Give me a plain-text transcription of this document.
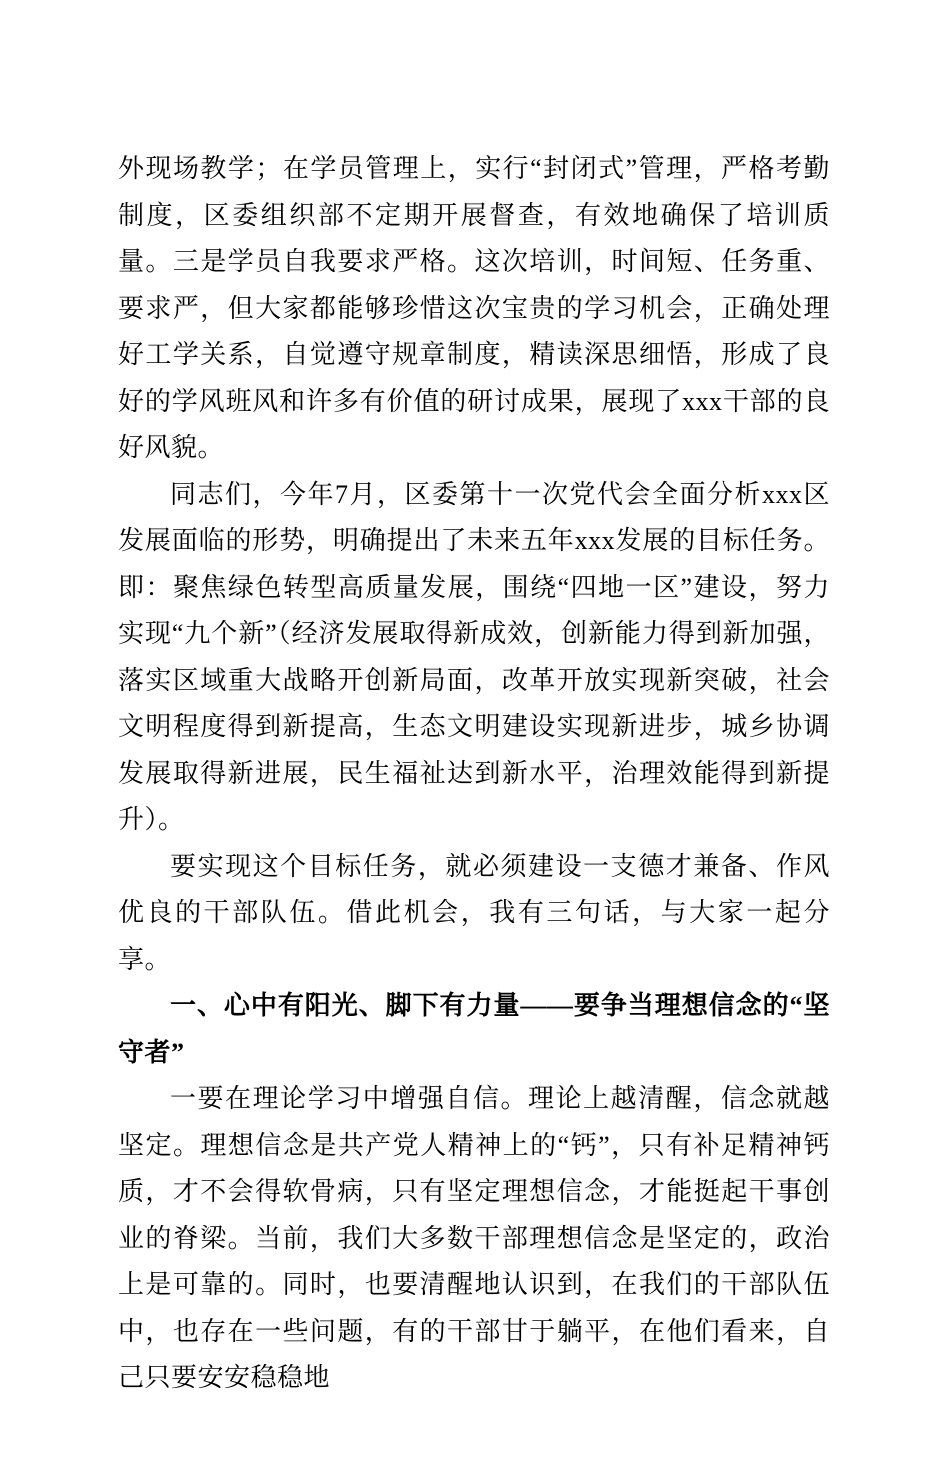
外现场教学；在学员管理上，实行“封闭式”管理，严格考勤制度，区委组织部不定期开展督查，有效地确保了培训质量。三是学员自我要求严格。这次培训，时间短、任务重、要求严，但大家都能够珍惜这次宝贵的学习机会，正确处理好工学关系，自觉遵守规章制度，精读深思细悟，形成了良好的学风班风和许多有价值的研讨成果，展现了xxx干部的良好风貌。

同志们，今年7月，区委第十一次党代会全面分析xxx区发展面临的形势，明确提出了未来五年xxx发展的目标任务。即：聚焦绿色转型高质量发展，围绕“四地一区”建设，努力实现“九个新”（经济发展取得新成效，创新能力得到新加强，落实区域重大战略开创新局面，改革开放实现新突破，社会文明程度得到新提高，生态文明建设实现新进步，城乡协调发展取得新进展，民生福祉达到新水平，治理效能得到新提升）。

要实现这个目标任务，就必须建设一支德才兼备、作风优良的干部队伍。借此机会，我有三句话，与大家一起分享。

一、心中有阳光、脚下有力量——要争当理想信念的“坚守者”

一要在理论学习中增强自信。理论上越清醒，信念就越坚定。理想信念是共产党人精神上的“钙”，只有补足精神钙质，才不会得软骨病，只有坚定理想信念，才能挺起干事创业的脊梁。当前，我们大多数干部理想信念是坚定的，政治上是可靠的。同时，也要清醒地认识到，在我们的干部队伍中，也存在一些问题，有的干部甘于躺平，在他们看来，自己只要安安稳稳地
